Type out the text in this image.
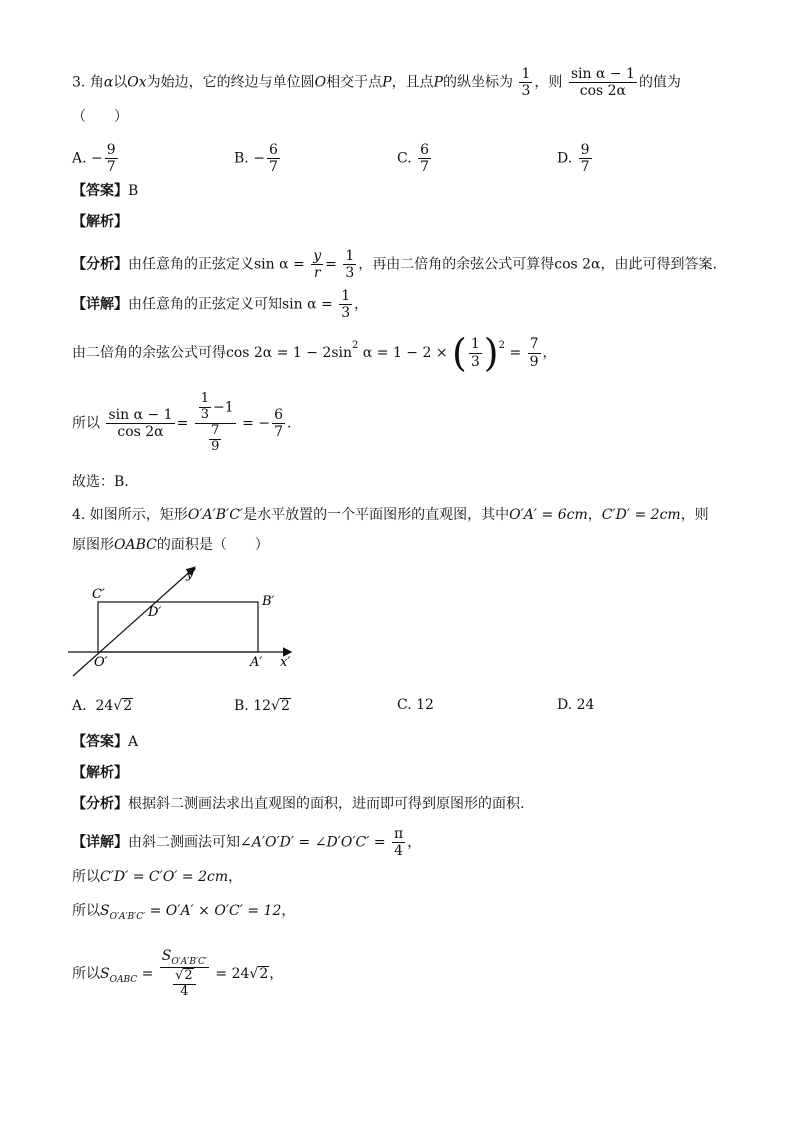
3. 角α以Ox为始边，它的终边与单位圆O相交于点P，且点P的纵坐标为 $\frac{1}{3}$ ，则 $\frac{\text{sin α − 1}}{\cos 2\alpha}$ 的值为
（　　）
A. − $\frac{9}{7}$	B. − $\frac{6}{7}$	C. $\frac{6}{7}$	D. $\frac{9}{7}$
【答案】B
【解析】
【分析】由任意角的正弦定义$\sin \alpha = \frac{y}{r} = \frac{1}{3}$ ，再由二倍角的余弦公式可算得cos 2α，由此可得到答案.
【详解】由任意角的正弦定义可知$\sin \alpha = \frac{1}{3}$ ，
由二倍角的余弦公式可得$\cos 2\alpha = 1 - 2\sin^2$ α = 1 − 2 × ( $\frac{1}{3} )^2 = \frac{7}{9}$ ，
所以 $\frac{\text{sin α − 1}}{\cos 2\alpha} = \frac{\frac{1}{3} -1}{\frac{7}{9}}$ = − $\frac{6}{7}$ .
故选：B.
4. 如图所示，矩形O′A′B′C′是水平放置的一个平面图形的直观图，其中O′A′ = 6cm，C′D′ = 2cm，则
原图形OABC的面积是（　　）
C′	B′
D′
O′	A′
y′
x′
A. 24√2	B. 12√2	C. 12	D. 24
【答案】A
【解析】
【分析】根据斜二测画法求出直观图的面积，进而即可得到原图形的面积.
【详解】由斜二测画法可知∠A′O′D′ = ∠D′O′C′ = $\frac{\pi}{4}$ ，
所以C′D′ = C′O′ = 2cm，
所以$S_{O'A'B'C'} = O'A' \times O'C' = 12$，
所以$S_{OABC} = \frac{S_{O'A'B'C'}}{\frac{√2}{4}} = 24√2$，
